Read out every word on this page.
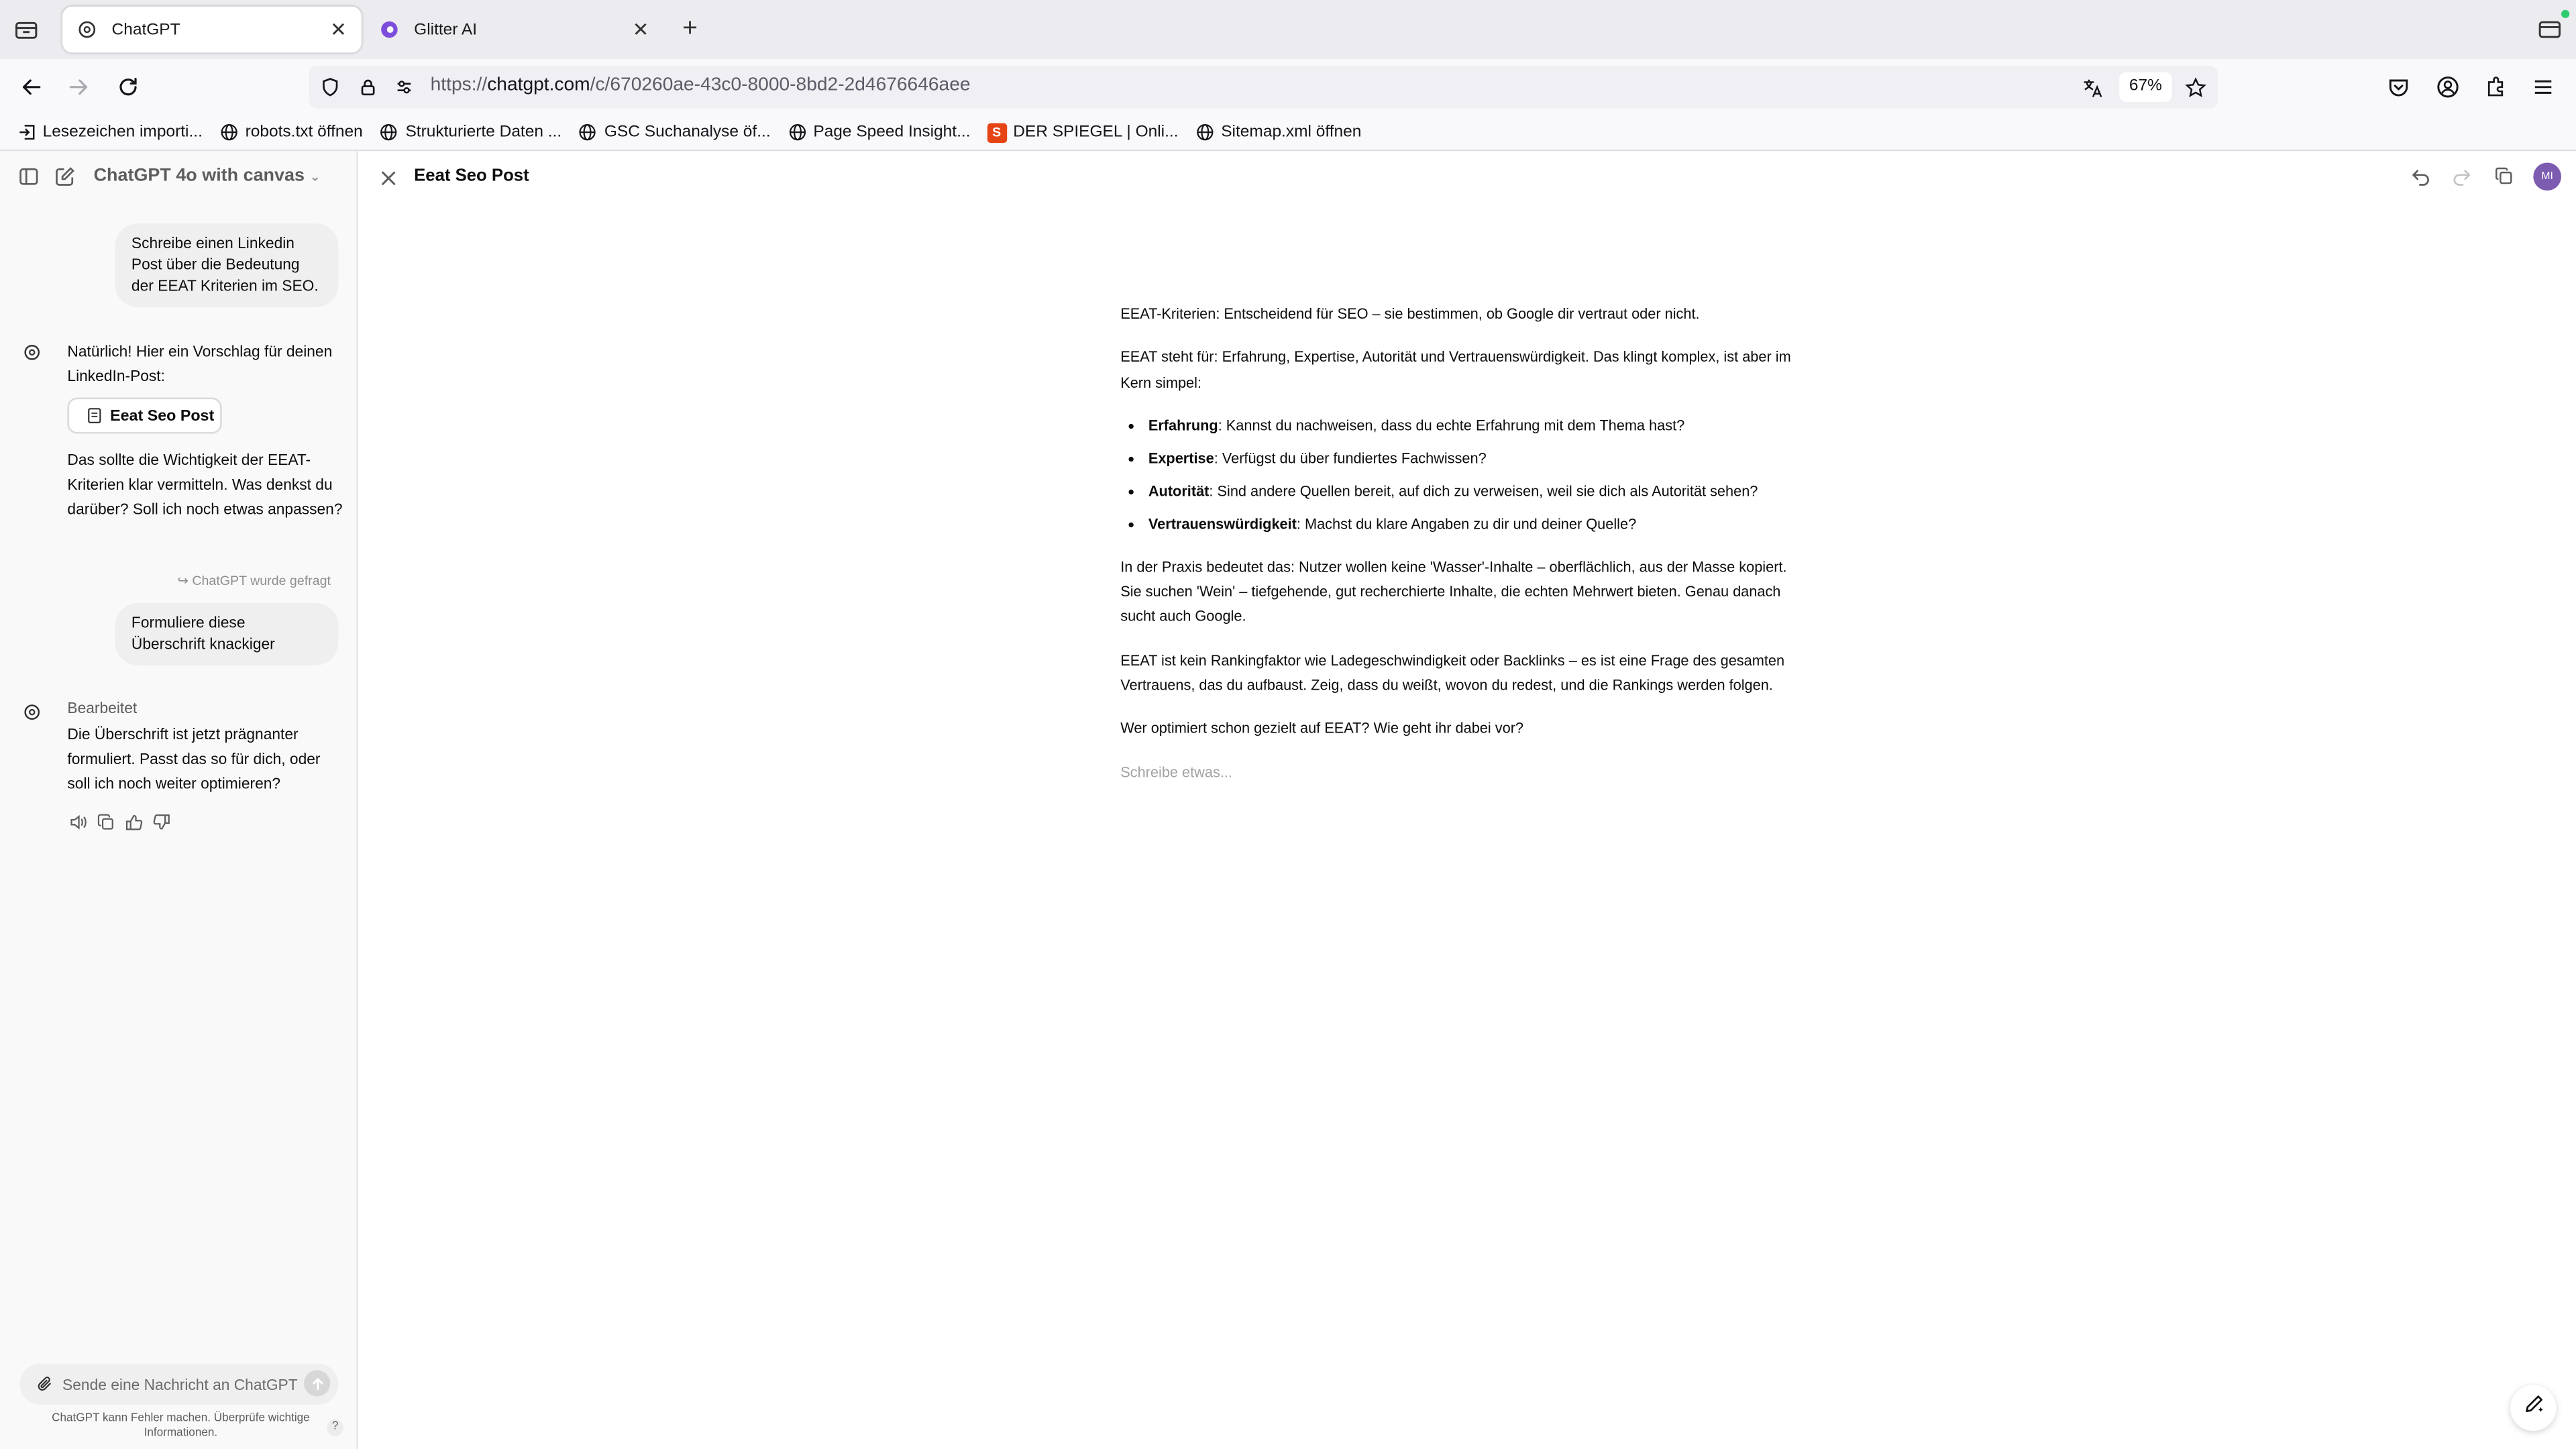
ChatGPT	✕	Glitter AI	✕	+
https://chatgpt.com/c/670260ae-43c0-8000-8bd2-2d4676646aee	67%
Lesezeichen importi...	robots.txt öffnen	Strukturierte Daten ...	GSC Suchanalyse öf...	Page Speed Insight...	S	DER SPIEGEL | Onli...	Sitemap.xml öffnen
ChatGPT 4o with canvas ⌄
Schreibe einen Linkedin Post über die Bedeutung der EEAT Kriterien im SEO.
Natürlich! Hier ein Vorschlag für deinen LinkedIn-Post:
Eeat Seo Post
Das sollte die Wichtigkeit der EEAT-Kriterien klar vermitteln. Was denkst du darüber? Soll ich noch etwas anpassen?
↪ ChatGPT wurde gefragt
Formuliere diese Überschrift knackiger
Bearbeitet
Die Überschrift ist jetzt prägnanter formuliert. Passt das so für dich, oder soll ich noch weiter optimieren?
Sende eine Nachricht an ChatGPT
ChatGPT kann Fehler machen. Überprüfe wichtige Informationen.
?
Eeat Seo Post	MI

EEAT-Kriterien: Entscheidend für SEO – sie bestimmen, ob Google dir vertraut oder nicht.

EEAT steht für: Erfahrung, Expertise, Autorität und Vertrauenswürdigkeit. Das klingt komplex, ist aber im Kern simpel:

• Erfahrung: Kannst du nachweisen, dass du echte Erfahrung mit dem Thema hast?
• Expertise: Verfügst du über fundiertes Fachwissen?
• Autorität: Sind andere Quellen bereit, auf dich zu verweisen, weil sie dich als Autorität sehen?
• Vertrauenswürdigkeit: Machst du klare Angaben zu dir und deiner Quelle?

In der Praxis bedeutet das: Nutzer wollen keine 'Wasser'-Inhalte – oberflächlich, aus der Masse kopiert. Sie suchen 'Wein' – tiefgehende, gut recherchierte Inhalte, die echten Mehrwert bieten. Genau danach sucht auch Google.

EEAT ist kein Rankingfaktor wie Ladegeschwindigkeit oder Backlinks – es ist eine Frage des gesamten Vertrauens, das du aufbaust. Zeig, dass du weißt, wovon du redest, und die Rankings werden folgen.

Wer optimiert schon gezielt auf EEAT? Wie geht ihr dabei vor?

Schreibe etwas...
